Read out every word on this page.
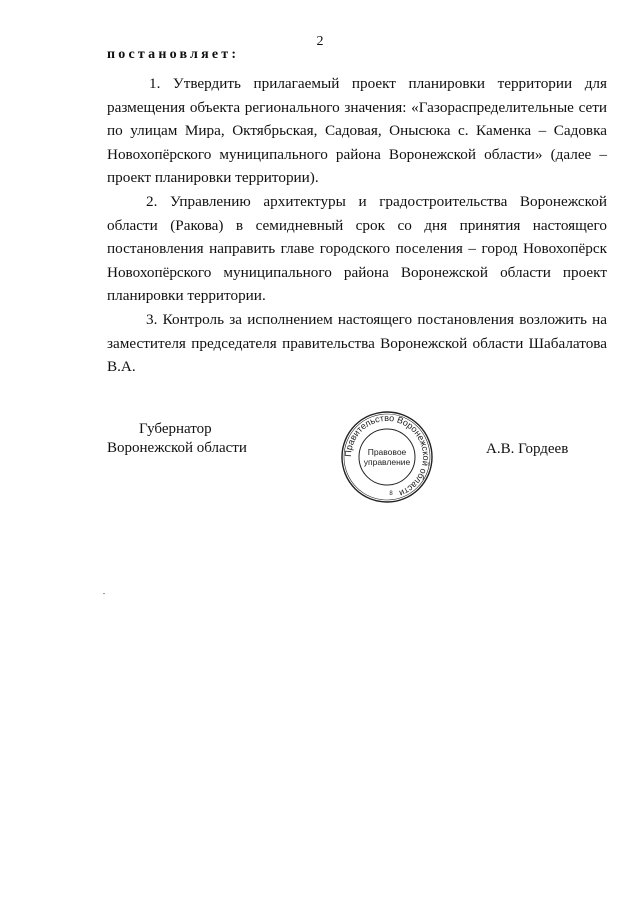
2
постановляет:

1. Утвердить прилагаемый проект планировки территории для размещения объекта регионального значения: «Газораспределительные сети по улицам Мира, Октябрьская, Садовая, Онысюка с. Каменка – Садовка Новохопёрского муниципального района Воронежской области» (далее – проект планировки территории).

2. Управлению архитектуры и градостроительства Воронежской области (Ракова) в семидневный срок со дня принятия настоящего постановления направить главе городского поселения – город Новохопёрск Новохопёрского муниципального района Воронежской области проект планировки территории.

3. Контроль за исполнением настоящего постановления возложить на заместителя председателя правительства Воронежской области Шабалатова В.А.

Губернатор
Воронежской области	Правительство Воронежской области
Правовое
управление
8
А.В. Гордеев
